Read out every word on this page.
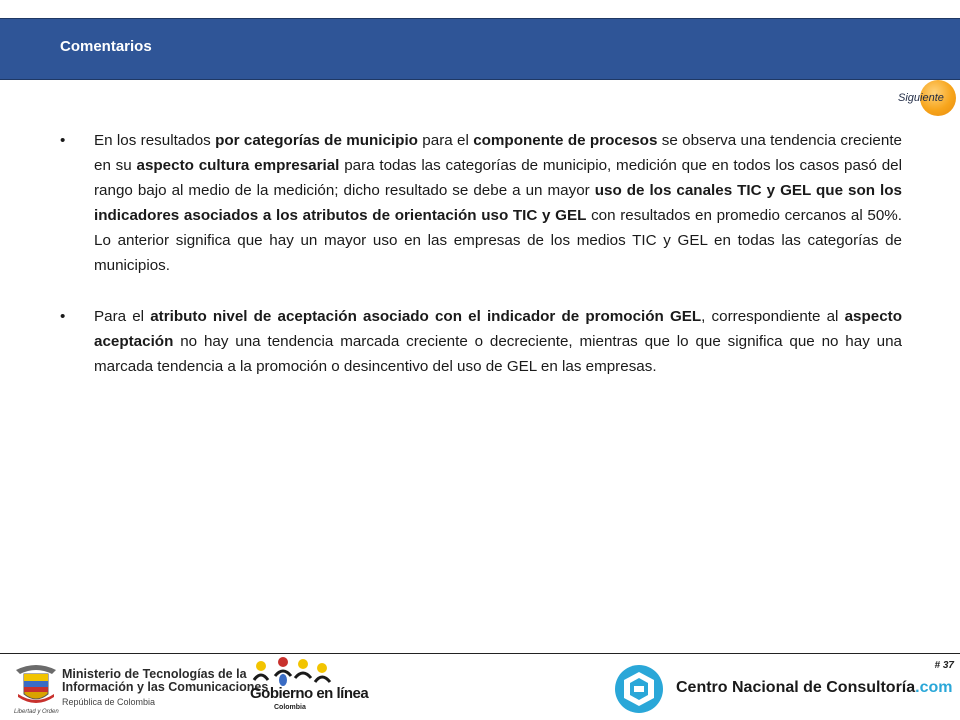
Comentarios
Siguiente

• En los resultados por categorías de municipio para el componente de procesos se observa una tendencia creciente en su aspecto cultura empresarial para todas las categorías de municipio, medición que en todos los casos pasó del rango bajo al medio de la medición; dicho resultado se debe a un mayor uso de los canales TIC y GEL que son los indicadores asociados a los atributos de orientación uso TIC y GEL con resultados en promedio cercanos al 50%. Lo anterior significa que hay un mayor uso en las empresas de los medios TIC y GEL en todas las categorías de municipios.

• Para el atributo nivel de aceptación asociado con el indicador de promoción GEL, correspondiente al aspecto aceptación no hay una tendencia marcada creciente o decreciente, mientras que lo que significa que no hay una marcada tendencia a la promoción o desincentivo del uso de GEL en las empresas.

# 37
Libertad y Orden
Ministerio de Tecnologías de la
Información y las Comunicaciones
República de Colombia	Gobierno en línea
Colombia
Centro Nacional de Consultoría.com
